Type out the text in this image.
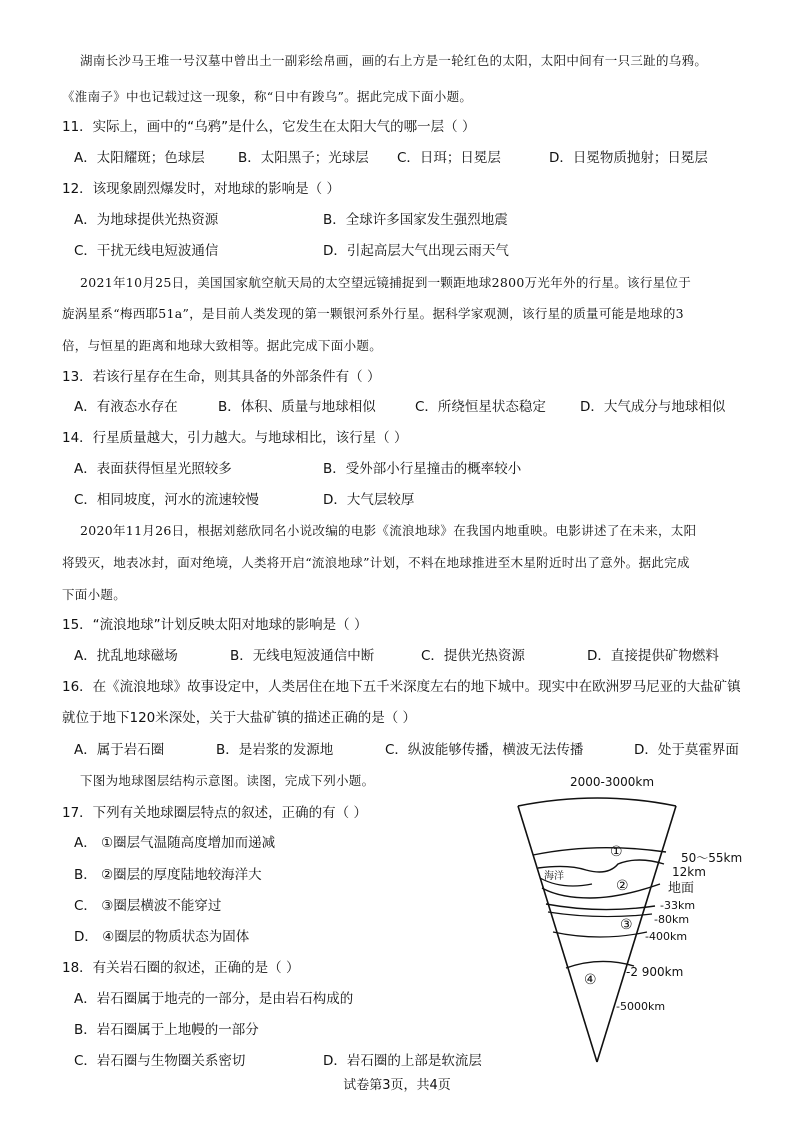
湖南长沙马王堆一号汉墓中曾出土一副彩绘帛画，画的右上方是一轮红色的太阳，太阳中间有一只三趾的乌鸦。
《淮南子》中也记载过这一现象，称“日中有踆乌”。据此完成下面小题。
11．实际上，画中的“乌鸦”是什么，它发生在太阳大气的哪一层（ ）
A．太阳耀斑；色球层 B．太阳黑子；光球层 C．日珥；日冕层	D．日冕物质抛射；日冕层
12．该现象剧烈爆发时，对地球的影响是（ ）
A．为地球提供光热资源	B．全球许多国家发生强烈地震
C．干扰无线电短波通信	D．引起高层大气出现云雨天气
2021年10月25日，美国国家航空航天局的太空望远镜捕捉到一颗距地球2800万光年外的行星。该行星位于
旋涡星系“梅西耶51a”，是目前人类发现的第一颗银河系外行星。据科学家观测，该行星的质量可能是地球的3
倍，与恒星的距离和地球大致相等。据此完成下面小题。
13．若该行星存在生命，则其具备的外部条件有（ ）
A．有液态水存在	B．体积、质量与地球相似	C．所绕恒星状态稳定	D．大气成分与地球相似
14．行星质量越大，引力越大。与地球相比，该行星（ ）
A．表面获得恒星光照较多	B．受外部小行星撞击的概率较小
C．相同坡度，河水的流速较慢	D．大气层较厚
2020年11月26日，根据刘慈欣同名小说改编的电影《流浪地球》在我国内地重映。电影讲述了在未来，太阳
将毁灭，地表冰封，面对绝境，人类将开启“流浪地球”计划，不料在地球推进至木星附近时出了意外。据此完成
下面小题。
15．“流浪地球”计划反映太阳对地球的影响是（ ）
A．扰乱地球磁场	B．无线电短波通信中断	C．提供光热资源	D．直接提供矿物燃料
16．在《流浪地球》故事设定中，人类居住在地下五千米深度左右的地下城中。现实中在欧洲罗马尼亚的大盐矿镇
就位于地下120米深处，关于大盐矿镇的描述正确的是（ ）
A．属于岩石圈	B．是岩浆的发源地	C．纵波能够传播，横波无法传播	D．处于莫霍界面
下图为地球图层结构示意图。读图，完成下列小题。
17．下列有关地球圈层特点的叙述，正确的有（ ）
A． ①圈层气温随高度增加而递减
B． ②圈层的厚度陆地较海洋大
C． ③圈层横波不能穿过
D． ④圈层的物质状态为固体
18．有关岩石圈的叙述，正确的是（ ）
A．岩石圈属于地壳的一部分，是由岩石构成的
B．岩石圈属于上地幔的一部分
C．岩石圈与生物圈关系密切	D．岩石圈的上部是软流层
2000-3000km
①
②
③
④
海洋
50～55km
12km
地面
-33km
-80km
-400km
-2 900km
-5000km
试卷第3页，共4页
